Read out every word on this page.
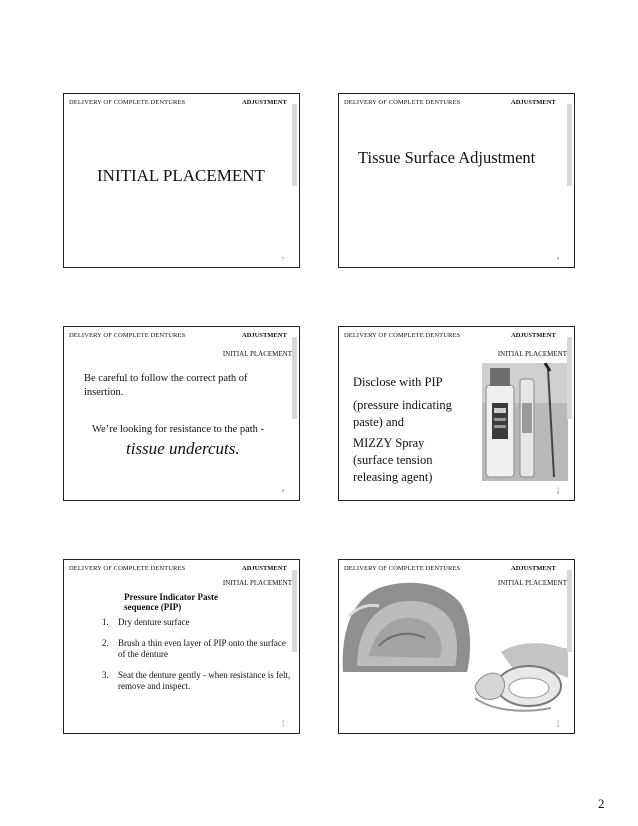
DELIVERY OF COMPLETE DENTURES	ADJUSTMENT
INITIAL PLACEMENT
7
DELIVERY OF COMPLETE DENTURES	ADJUSTMENT
Tissue Surface Adjustment
8
DELIVERY OF COMPLETE DENTURES	ADJUSTMENT
INITIAL PLACEMENT
Be careful to follow the correct path of insertion.
We’re looking for resistance to the path -
tissue undercuts.
9
DELIVERY OF COMPLETE DENTURES	ADJUSTMENT
INITIAL PLACEMENT
Disclose with PIP
(pressure indicating
paste) and
MIZZY Spray
(surface tension
releasing agent)
1
0
DELIVERY OF COMPLETE DENTURES	ADJUSTMENT
INITIAL PLACEMENT
Pressure Indicator Paste
sequence (PIP)
1. Dry denture surface
2. Brush a thin even layer of PIP onto the surface of the denture
3. Seat the denture gently - when resistance is felt, remove and inspect.
1
1
DELIVERY OF COMPLETE DENTURES	ADJUSTMENT
INITIAL PLACEMENT
1
2
2
